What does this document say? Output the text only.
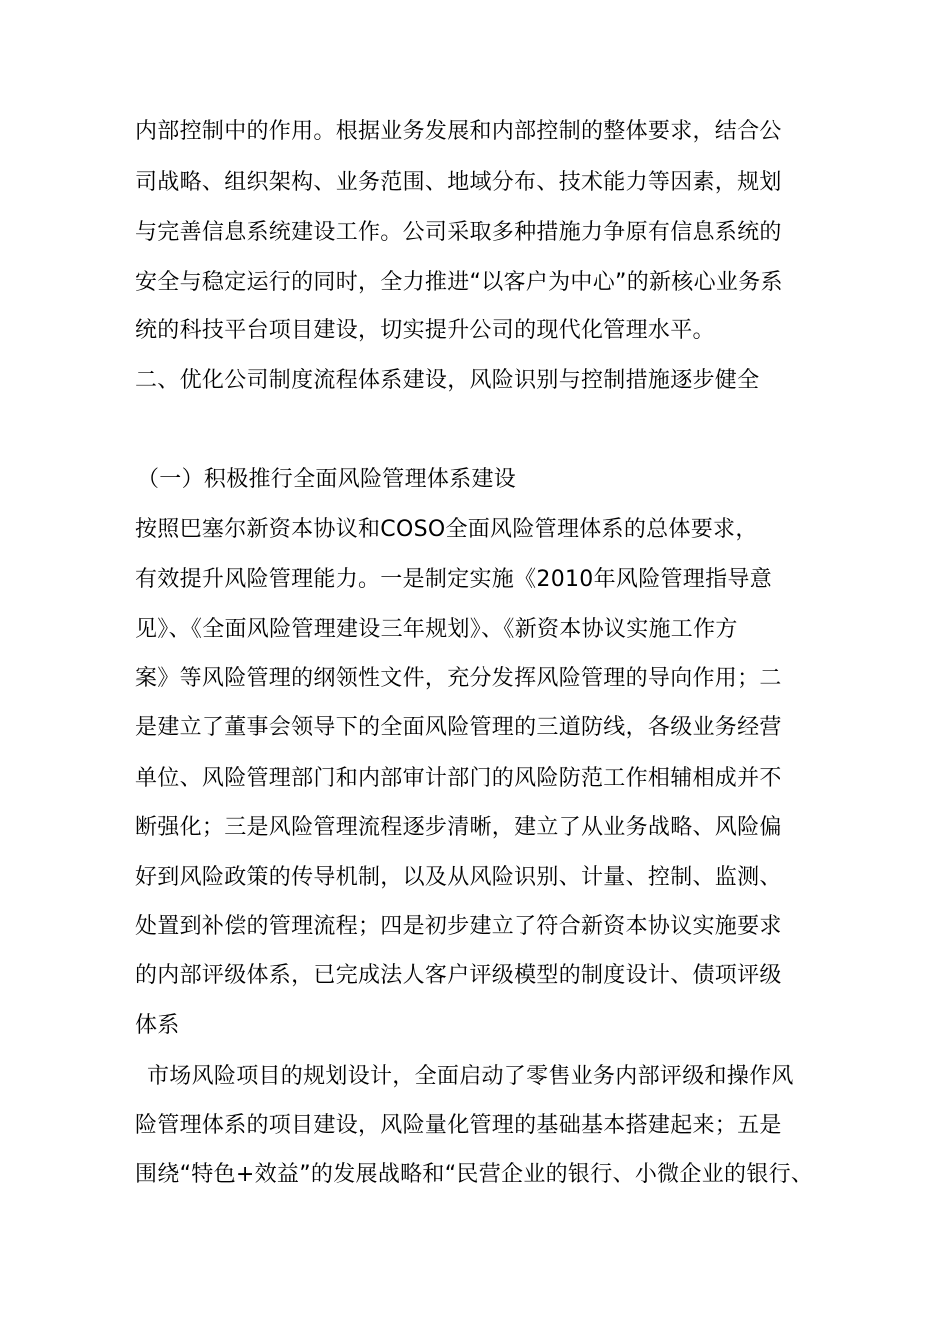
内部控制中的作用。根据业务发展和内部控制的整体要求，结合公
司战略、组织架构、业务范围、地域分布、技术能力等因素，规划
与完善信息系统建设工作。公司采取多种措施力争原有信息系统的
安全与稳定运行的同时，全力推进“以客户为中心”的新核心业务系
统的科技平台项目建设，切实提升公司的现代化管理水平。
二、优化公司制度流程体系建设，风险识别与控制措施逐步健全
（一）积极推行全面风险管理体系建设
按照巴塞尔新资本协议和COSO全面风险管理体系的总体要求，
有效提升风险管理能力。一是制定实施《2010年风险管理指导意
见》、《全面风险管理建设三年规划》、《新资本协议实施工作方
案》等风险管理的纲领性文件，充分发挥风险管理的导向作用；二
是建立了董事会领导下的全面风险管理的三道防线，各级业务经营
单位、风险管理部门和内部审计部门的风险防范工作相辅相成并不
断强化；三是风险管理流程逐步清晰，建立了从业务战略、风险偏
好到风险政策的传导机制，以及从风险识别、计量、控制、监测、
处置到补偿的管理流程；四是初步建立了符合新资本协议实施要求
的内部评级体系，已完成法人客户评级模型的制度设计、债项评级
体系
市场风险项目的规划设计，全面启动了零售业务内部评级和操作风
险管理体系的项目建设，风险量化管理的基础基本搭建起来；五是
围绕“特色+效益”的发展战略和“民营企业的银行、小微企业的银行、
